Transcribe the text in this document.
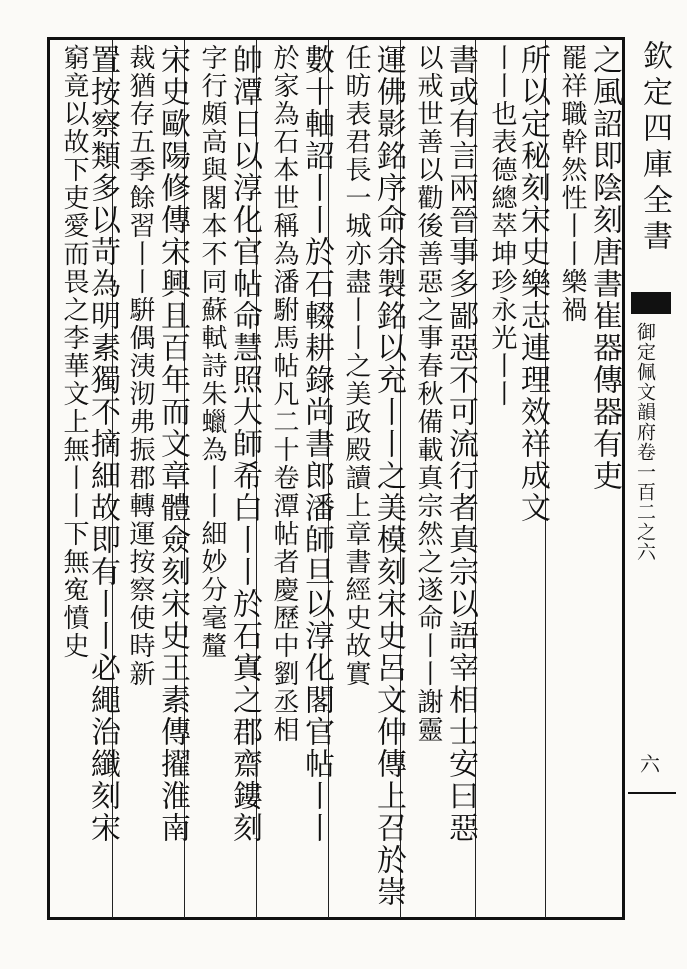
欽定四庫全書
御定佩文韻府卷一百二之六
六
之風詔即陰刻唐書崔器傳器有吏
罷祥職幹然性丨丨樂禍
所以定秘刻宋史樂志連理效祥成文
丨丨也表德總萃坤珍永光丨丨
書或有言兩晉事多鄙惡不可流行者真宗以語宰相士安曰惡
以戒世善以勸後善惡之事春秋備載真宗然之遂命丨丨謝靈
運佛影銘序命余製銘以充丨丨之美模刻宋史呂文仲傳上召於崇
任昉表君長一城亦盡丨丨之美政殿讀上章書經史故實
數十軸詔丨丨於石輟耕錄尚書郎潘師旦以淳化閣官帖丨丨
於家為石本世稱為潘駙馬帖凡二十卷潭帖者慶歷中劉丞相
帥潭日以淳化官帖命慧照大師希白丨丨於石寘之郡齋鏤刻
字行頗高與閣本不同蘇軾詩朱蠟為丨丨細妙分毫釐
宋史歐陽修傳宋興且百年而文章體僉刻宋史王素傳擢淮南
裁猶存五季餘習丨丨騈偶洟沏弗振郡轉運按察使時新
置按察類多以苛為明素獨不摘細故即有丨丨必繩治纖刻宋
窮竟以故下吏愛而畏之李華文上無丨丨下無寃憤史
